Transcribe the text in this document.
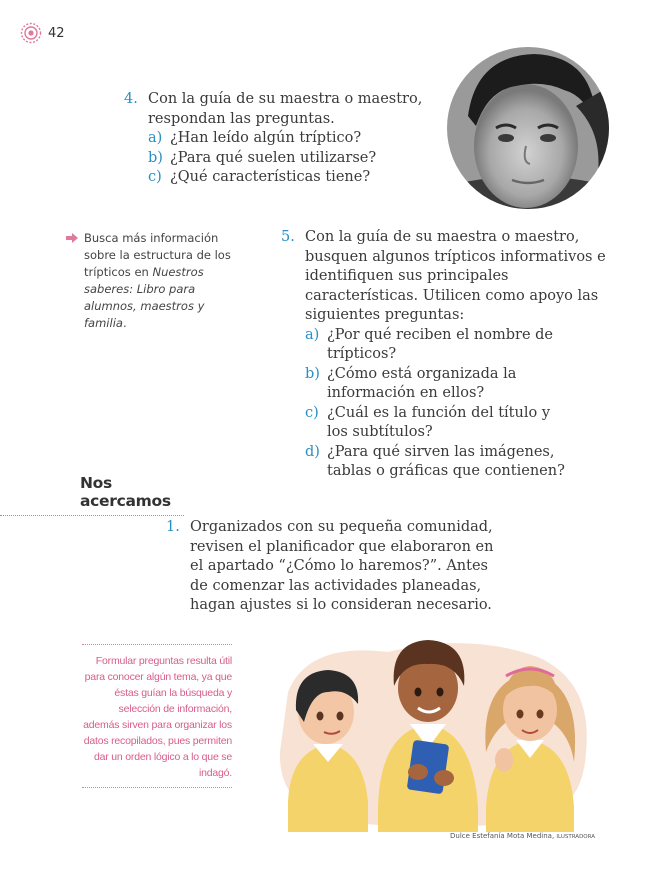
42
4. Con la guía de su maestra o maestro, respondan las preguntas.
a) ¿Han leído algún tríptico?
b) ¿Para qué suelen utilizarse?
c) ¿Qué características tiene?
Busca más información sobre la estructura de los trípticos en Nuestros saberes: Libro para alumnos, maestros y familia.
5. Con la guía de su maestra o maestro, busquen algunos trípticos informativos e identifiquen sus principales características. Utilicen como apoyo las siguientes preguntas:
a) ¿Por qué reciben el nombre de trípticos?
b) ¿Cómo está organizada la información en ellos?
c) ¿Cuál es la función del título y los subtítulos?
d) ¿Para qué sirven las imágenes, tablas o gráficas que contienen?
Nos acercamos
1. Organizados con su pequeña comunidad, revisen el planificador que elaboraron en el apartado “¿Cómo lo haremos?”. Antes de comenzar las actividades planeadas, hagan ajustes si lo consideran necesario.
Formular preguntas resulta útil para conocer algún tema, ya que éstas guían la búsqueda y selección de información, además sirven para organizar los datos recopilados, pues permiten dar un orden lógico a lo que se indagó.
Dulce Estefanía Mota Medina, ILUSTRADORA
